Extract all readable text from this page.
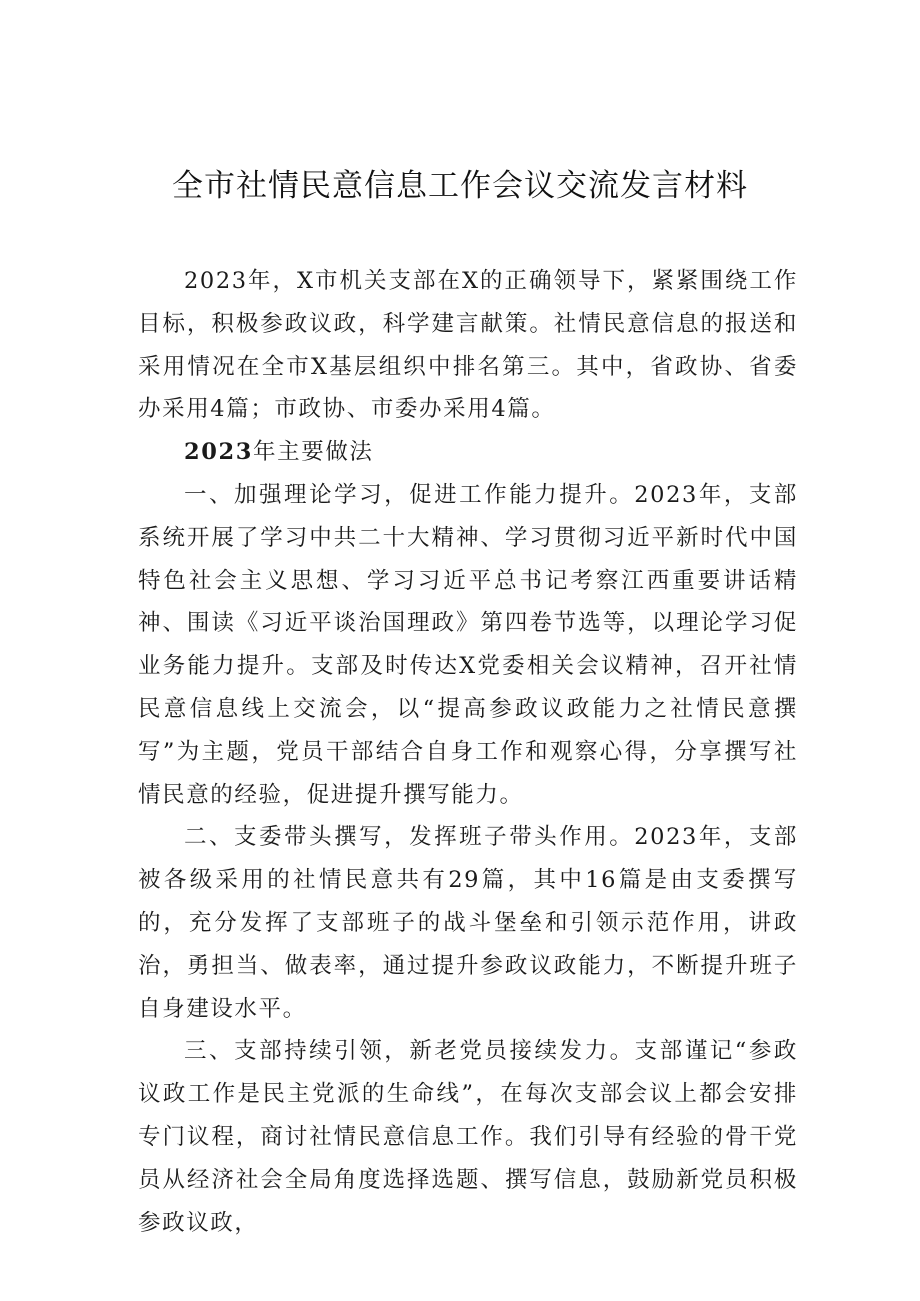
全市社情民意信息工作会议交流发言材料

2023年，X市机关支部在X的正确领导下，紧紧围绕工作目标，积极参政议政，科学建言献策。社情民意信息的报送和采用情况在全市X基层组织中排名第三。其中，省政协、省委办采用4篇；市政协、市委办采用4篇。

2023年主要做法

一、加强理论学习，促进工作能力提升。2023年，支部系统开展了学习中共二十大精神、学习贯彻习近平新时代中国特色社会主义思想、学习习近平总书记考察江西重要讲话精神、围读《习近平谈治国理政》第四卷节选等，以理论学习促业务能力提升。支部及时传达X党委相关会议精神，召开社情民意信息线上交流会，以“提高参政议政能力之社情民意撰写”为主题，党员干部结合自身工作和观察心得，分享撰写社情民意的经验，促进提升撰写能力。

二、支委带头撰写，发挥班子带头作用。2023年，支部被各级采用的社情民意共有29篇，其中16篇是由支委撰写的，充分发挥了支部班子的战斗堡垒和引领示范作用，讲政治，勇担当、做表率，通过提升参政议政能力，不断提升班子自身建设水平。

三、支部持续引领，新老党员接续发力。支部谨记“参政议政工作是民主党派的生命线”，在每次支部会议上都会安排专门议程，商讨社情民意信息工作。我们引导有经验的骨干党员从经济社会全局角度选择选题、撰写信息，鼓励新党员积极参政议政，
